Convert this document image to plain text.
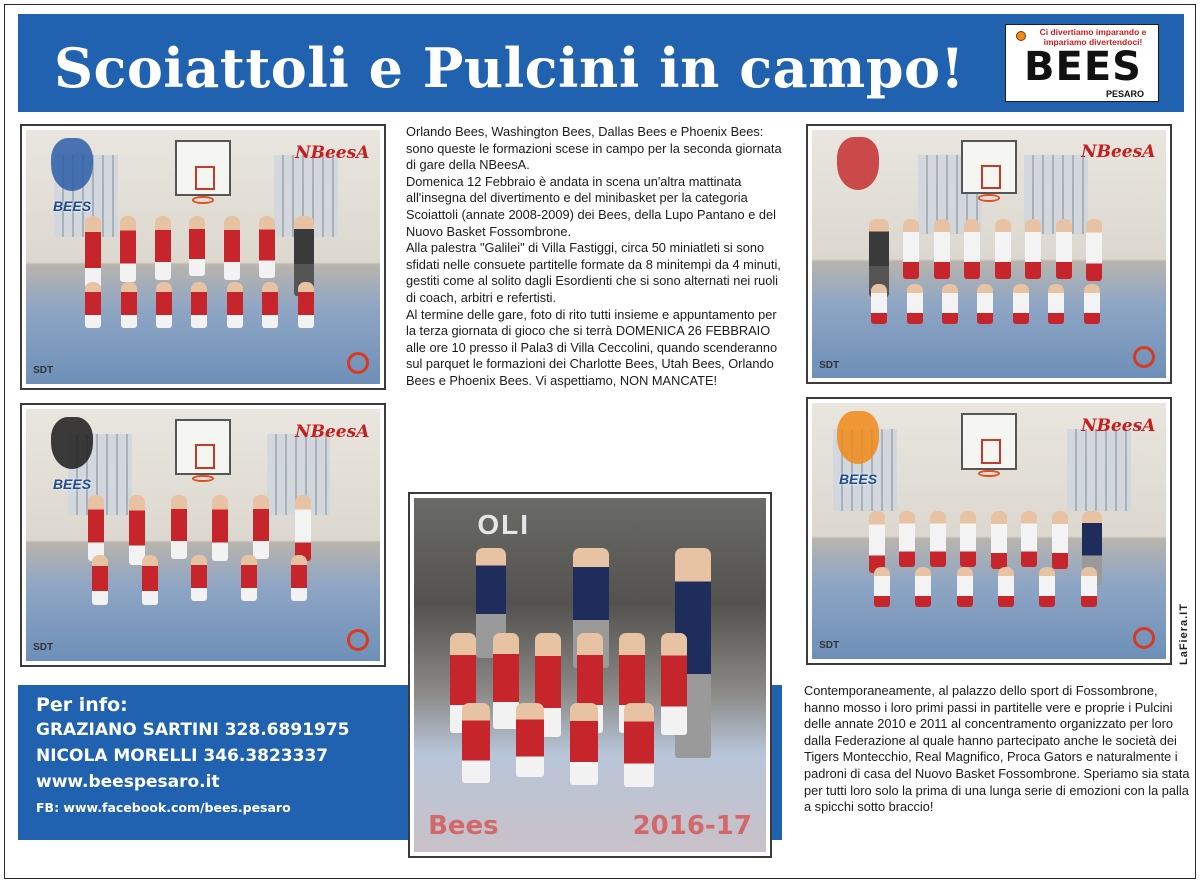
Scoiattoli e Pulcini in campo!
Ci divertiamo imparando e impariamo divertendoci!
BEES
PESARO
BEES
NBeesA
SDT
BEES
NBeesA
SDT
NBeesA
SDT
BEES
NBeesA
SDT
OLI
Bees	2016-17

Orlando Bees, Washington Bees, Dallas Bees e Phoenix Bees: sono queste le formazioni scese in campo per la seconda giornata di gare della NBeesA.

Domenica 12 Febbraio è andata in scena un'altra mattinata all'insegna del divertimento e del minibasket per la categoria Scoiattoli (annate 2008-2009) dei Bees, della Lupo Pantano e del Nuovo Basket Fossombrone.

Alla palestra "Galilei" di Villa Fastiggi, circa 50 miniatleti si sono sfidati nelle consuete partitelle formate da 8 minitempi da 4 minuti, gestiti come al solito dagli Esordienti che si sono alternati nei ruoli di coach, arbitri e refertisti.

Al termine delle gare, foto di rito tutti insieme e appuntamento per la terza giornata di gioco che si terrà DOMENICA 26 FEBBRAIO alle ore 10 presso il Pala3 di Villa Ceccolini, quando scenderanno sul parquet le formazioni dei Charlotte Bees, Utah Bees, Orlando Bees e Phoenix Bees. Vi aspettiamo, NON MANCATE!

Contemporaneamente, al palazzo dello sport di Fossombrone, hanno mosso i loro primi passi in partitelle vere e proprie i Pulcini delle annate 2010 e 2011 al concentramento organizzato per loro dalla Federazione al quale hanno partecipato anche le società dei Tigers Montecchio, Real Magnifico, Proca Gators e naturalmente i padroni di casa del Nuovo Basket Fossombrone. Speriamo sia stata per tutti loro solo la prima di una lunga serie di emozioni con la palla a spicchi sotto braccio!

Per info:
GRAZIANO SARTINI 328.6891975
NICOLA MORELLI 346.3823337
www.beespesaro.it
FB: www.facebook.com/bees.pesaro
LaFiera.IT
